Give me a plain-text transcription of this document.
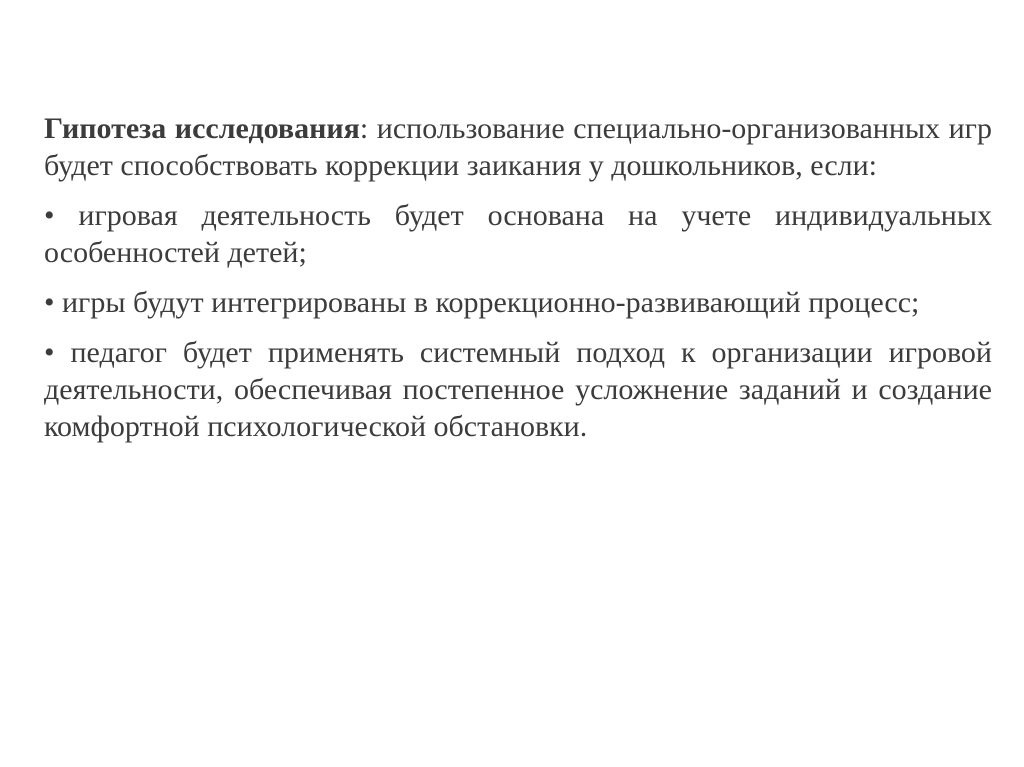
Гипотеза исследования: использование специально-организованных игр будет способствовать коррекции заикания у дошкольников, если:

• игровая деятельность будет основана на учете индивидуальных особенностей детей;

• игры будут интегрированы в коррекционно-развивающий процесс;

• педагог будет применять системный подход к организации игровой деятельности, обеспечивая постепенное усложнение заданий и создание комфортной психологической обстановки.
